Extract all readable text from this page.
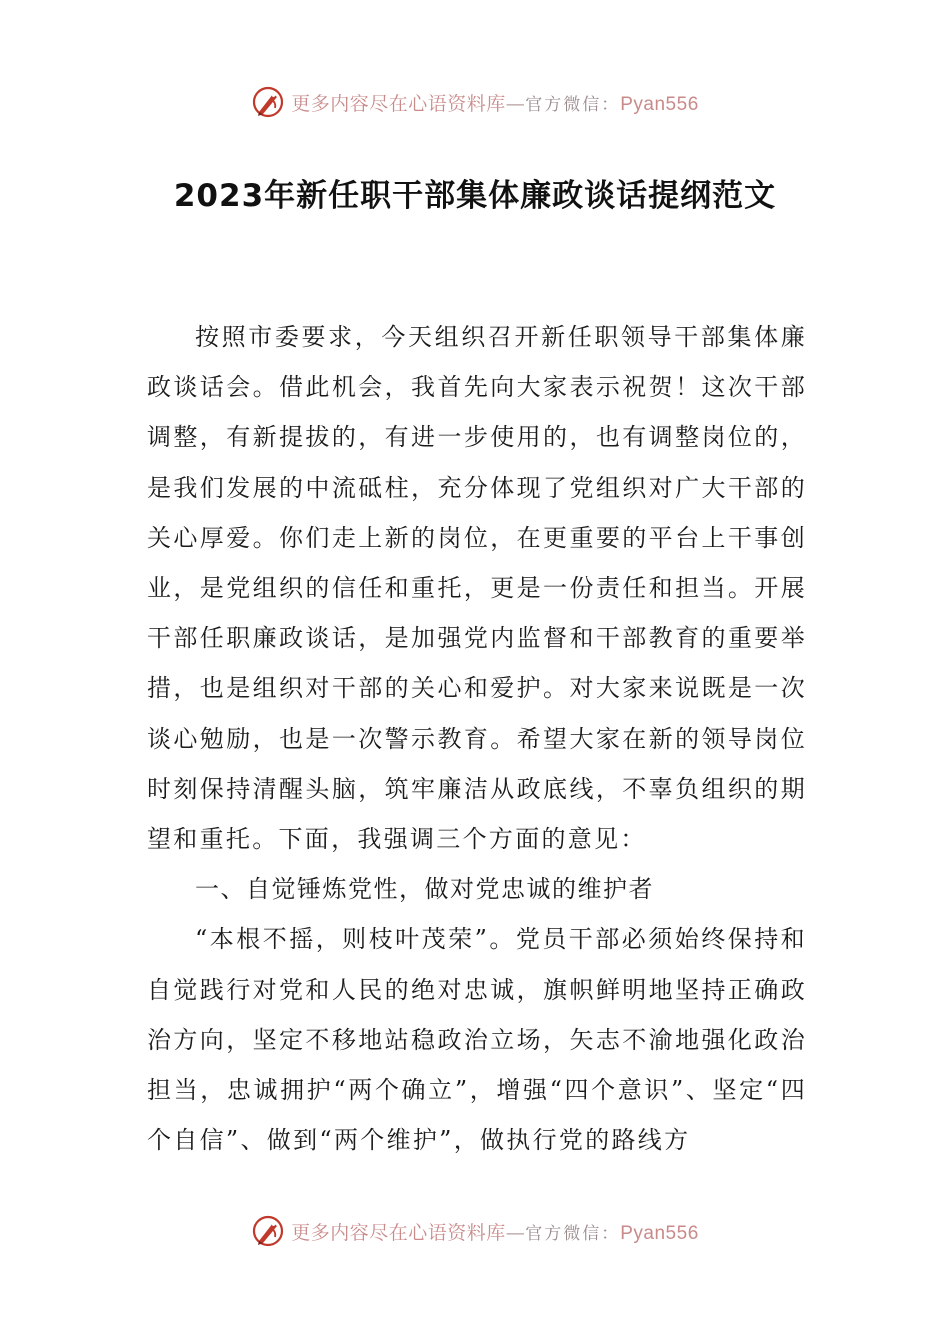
更多内容尽在心语资料库—官方微信：Pyan556
2023年新任职干部集体廉政谈话提纲范文

按照市委要求，今天组织召开新任职领导干部集体廉政谈话会。借此机会，我首先向大家表示祝贺！这次干部调整，有新提拔的，有进一步使用的，也有调整岗位的，是我们发展的中流砥柱，充分体现了党组织对广大干部的关心厚爱。你们走上新的岗位，在更重要的平台上干事创业，是党组织的信任和重托，更是一份责任和担当。开展干部任职廉政谈话，是加强党内监督和干部教育的重要举措，也是组织对干部的关心和爱护。对大家来说既是一次谈心勉励，也是一次警示教育。希望大家在新的领导岗位时刻保持清醒头脑，筑牢廉洁从政底线，不辜负组织的期望和重托。下面，我强调三个方面的意见：

一、自觉锤炼党性，做对党忠诚的维护者

“本根不摇，则枝叶茂荣”。党员干部必须始终保持和自觉践行对党和人民的绝对忠诚，旗帜鲜明地坚持正确政治方向，坚定不移地站稳政治立场，矢志不渝地强化政治担当，忠诚拥护“两个确立”，增强“四个意识”、坚定“四个自信”、做到“两个维护”，做执行党的路线方

更多内容尽在心语资料库—官方微信：Pyan556
